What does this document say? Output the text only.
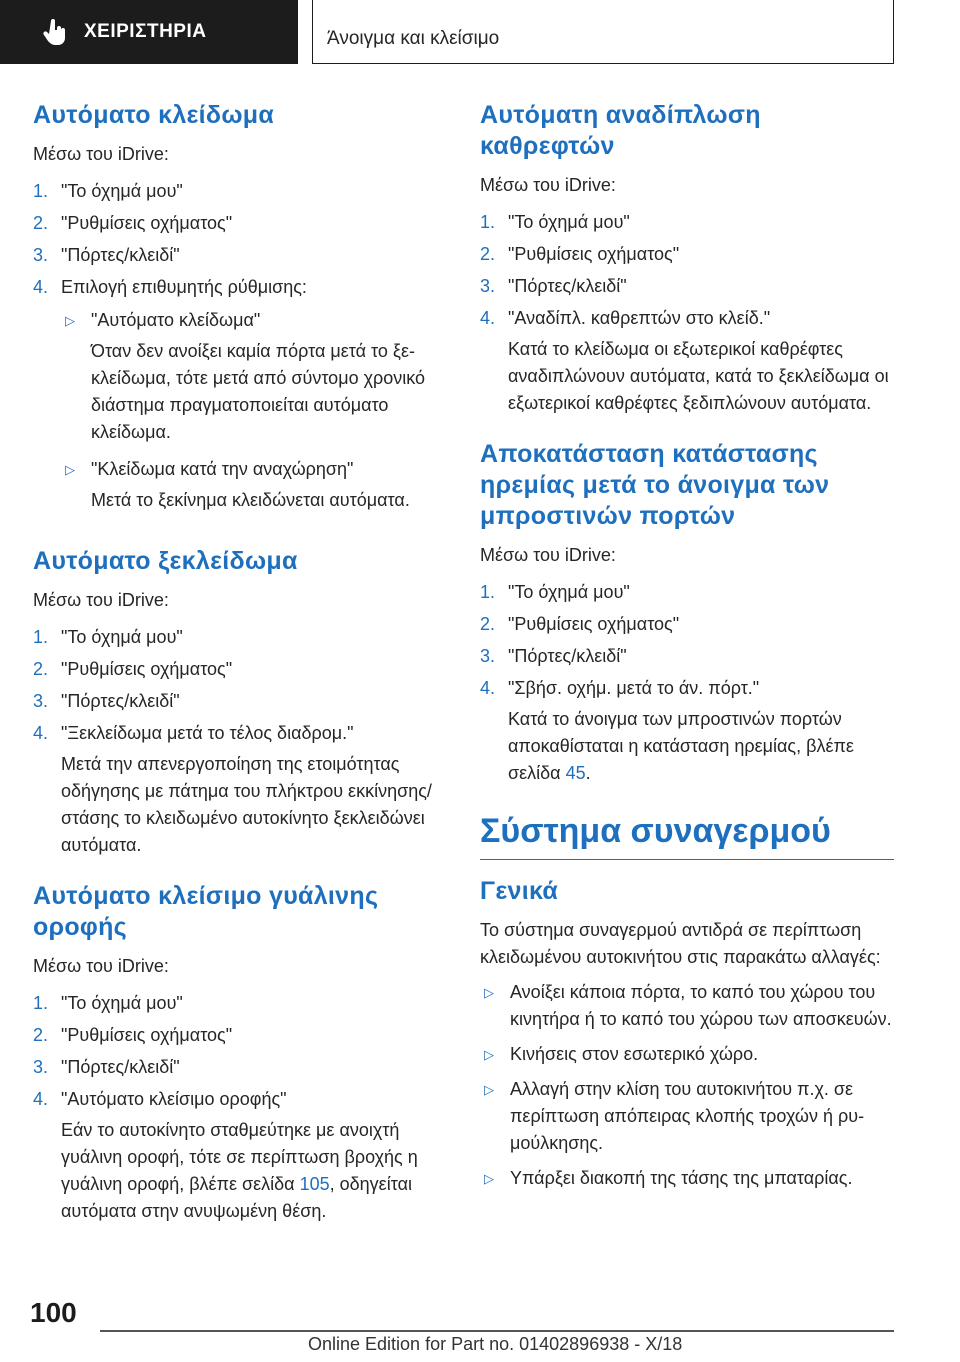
ΧΕΙΡΙΣΤΗΡΙΑ	Άνοιγμα και κλείσιμο
Αυτόματο κλείδωμα
Μέσω του iDrive:
1. "Το όχημά μου"
2. "Ρυθμίσεις οχήματος"
3. "Πόρτες/κλειδί"
4. Επιλογή επιθυμητής ρύθμισης:
▷ "Αυτόματο κλείδωμα"
Όταν δεν ανοίξει καμία πόρτα μετά το ξεκλείδωμα, τότε μετά από σύντομο χρονικό διάστημα πραγματοποιείται αυτόματο κλείδωμα.
▷ "Κλείδωμα κατά την αναχώρηση"
Μετά το ξεκίνημα κλειδώνεται αυτόματα.
Αυτόματο ξεκλείδωμα
Μέσω του iDrive:
1. "Το όχημά μου"
2. "Ρυθμίσεις οχήματος"
3. "Πόρτες/κλειδί"
4. "Ξεκλείδωμα μετά το τέλος διαδρομ."
Μετά την απενεργοποίηση της ετοιμότητας οδήγησης με πάτημα του πλήκτρου εκκίνησης/στάσης το κλειδωμένο αυτοκίνητο ξεκλειδώνει αυτόματα.
Αυτόματο κλείσιμο γυάλινης οροφής
Μέσω του iDrive:
1. "Το όχημά μου"
2. "Ρυθμίσεις οχήματος"
3. "Πόρτες/κλειδί"
4. "Αυτόματο κλείσιμο οροφής"
Εάν το αυτοκίνητο σταθμεύτηκε με ανοιχτή γυάλινη οροφή, τότε σε περίπτωση βροχής η γυάλινη οροφή, βλέπε σελίδα 105, οδηγείται αυτόματα στην ανυψωμένη θέση.
Αυτόματη αναδίπλωση καθρεφτών
Μέσω του iDrive:
1. "Το όχημά μου"
2. "Ρυθμίσεις οχήματος"
3. "Πόρτες/κλειδί"
4. "Αναδίπλ. καθρεπτών στο κλείδ."
Κατά το κλείδωμα οι εξωτερικοί καθρέφτες αναδιπλώνουν αυτόματα, κατά το ξεκλείδωμα οι εξωτερικοί καθρέφτες ξεδιπλώνουν αυτόματα.
Αποκατάσταση κατάστασης ηρεμίας μετά το άνοιγμα των μπροστινών πορτών
Μέσω του iDrive:
1. "Το όχημά μου"
2. "Ρυθμίσεις οχήματος"
3. "Πόρτες/κλειδί"
4. "Σβήσ. οχήμ. μετά το άν. πόρτ."
Κατά το άνοιγμα των μπροστινών πορτών αποκαθίσταται η κατάσταση ηρεμίας, βλέπε σελίδα 45.
Σύστημα συναγερμού
Γενικά
Το σύστημα συναγερμού αντιδρά σε περίπτωση κλειδωμένου αυτοκινήτου στις παρακάτω αλλαγές:
▷ Ανοίξει κάποια πόρτα, το καπό του χώρου του κινητήρα ή το καπό του χώρου των αποσκευών.
▷ Κινήσεις στον εσωτερικό χώρο.
▷ Αλλαγή στην κλίση του αυτοκινήτου π.χ. σε περίπτωση απόπειρας κλοπής τροχών ή ρυμούλκησης.
▷ Υπάρξει διακοπή της τάσης της μπαταρίας.
100
Online Edition for Part no. 01402896938 - X/18
